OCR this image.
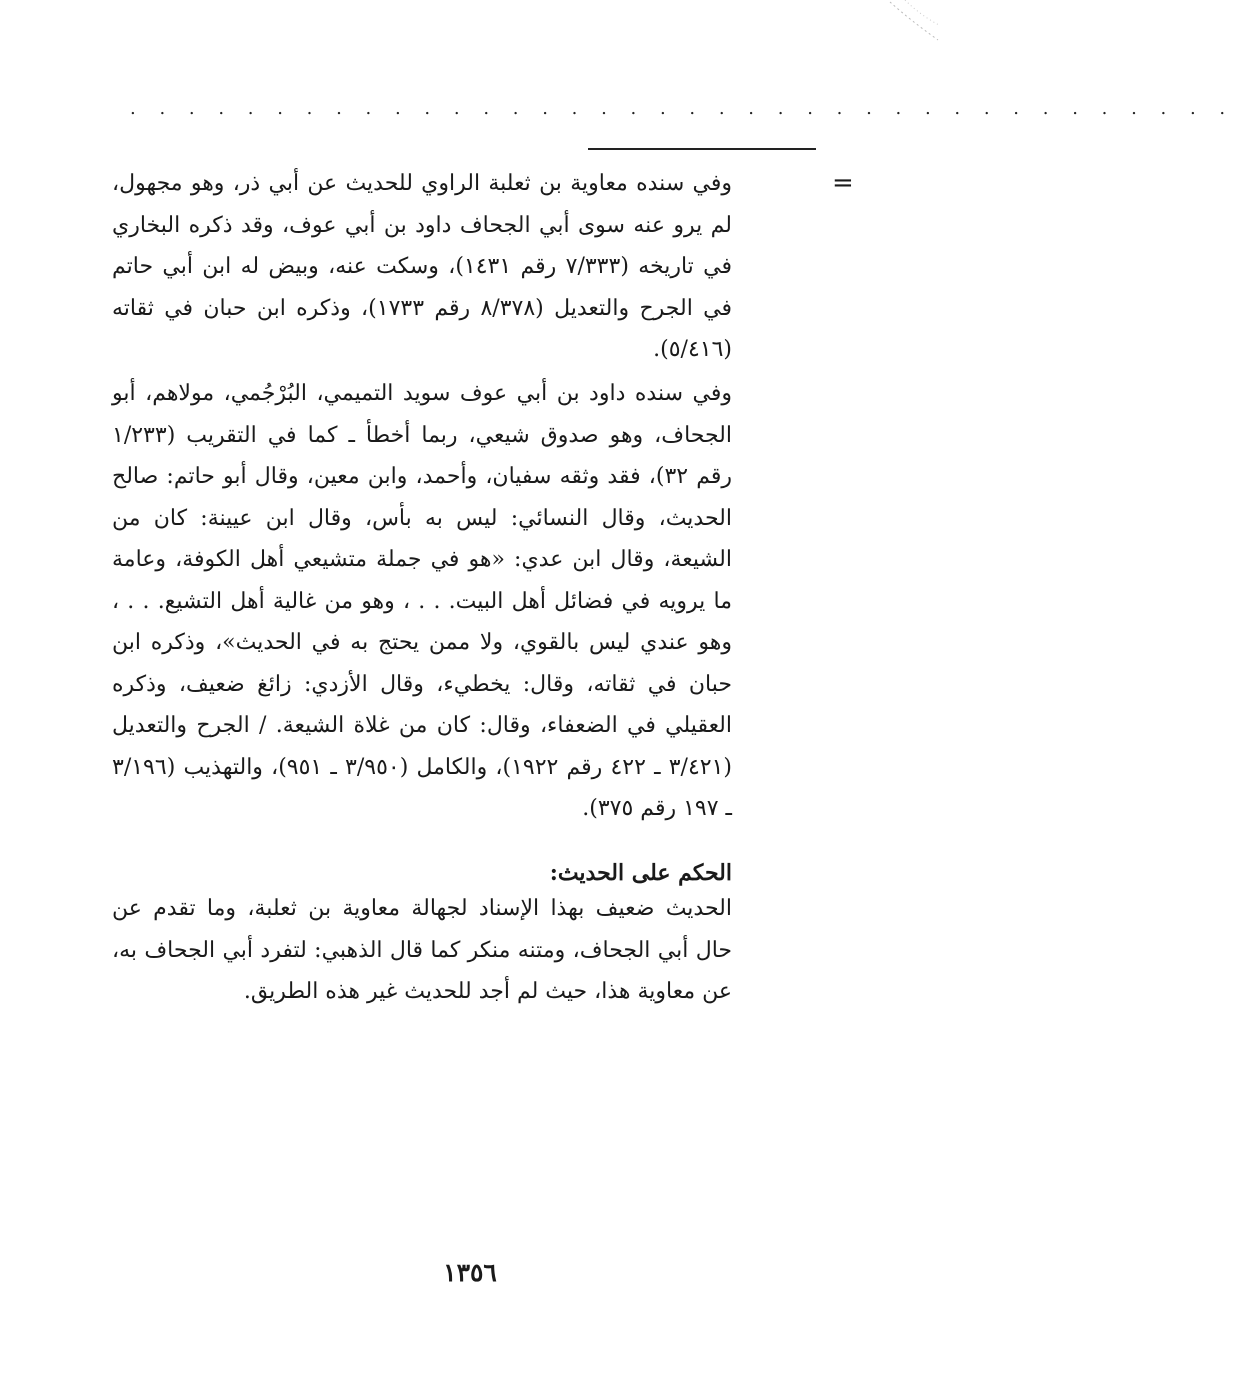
. . . . . . . . . . . . . . . . . . . . . . . . . . . . . . . . . . . . . .
=
وفي سنده معاوية بن ثعلبة الراوي للحديث عن أبي ذر، وهو مجهول، لم يرو عنه سوى أبي الجحاف داود بن أبي عوف، وقد ذكره البخاري في تاريخه (٧/٣٣٣ رقم ١٤٣١)، وسكت عنه، وبيض له ابن أبي حاتم في الجرح والتعديل (٨/٣٧٨ رقم ١٧٣٣)، وذكره ابن حبان في ثقاته (٥/٤١٦).
وفي سنده داود بن أبي عوف سويد التميمي، البُرْجُمي، مولاهم، أبو الجحاف، وهو صدوق شيعي، ربما أخطأ ـ كما في التقريب (١/٢٣٣ رقم ٣٢)، فقد وثقه سفيان، وأحمد، وابن معين، وقال أبو حاتم: صالح الحديث، وقال النسائي: ليس به بأس، وقال ابن عيينة: كان من الشيعة، وقال ابن عدي: «هو في جملة متشيعي أهل الكوفة، وعامة ما يرويه في فضائل أهل البيت. . . ، وهو من غالية أهل التشيع. . . ، وهو عندي ليس بالقوي، ولا ممن يحتج به في الحديث»، وذكره ابن حبان في ثقاته، وقال: يخطيء، وقال الأزدي: زائغ ضعيف، وذكره العقيلي في الضعفاء، وقال: كان من غلاة الشيعة. / الجرح والتعديل (٣/٤٢١ ـ ٤٢٢ رقم ١٩٢٢)، والكامل (٣/٩٥٠ ـ ٩٥١)، والتهذيب (٣/١٩٦ ـ ١٩٧ رقم ٣٧٥).
الحكم على الحديث:
الحديث ضعيف بهذا الإسناد لجهالة معاوية بن ثعلبة، وما تقدم عن حال أبي الجحاف، ومتنه منكر كما قال الذهبي: لتفرد أبي الجحاف به، عن معاوية هذا، حيث لم أجد للحديث غير هذه الطريق.
١٣٥٦
